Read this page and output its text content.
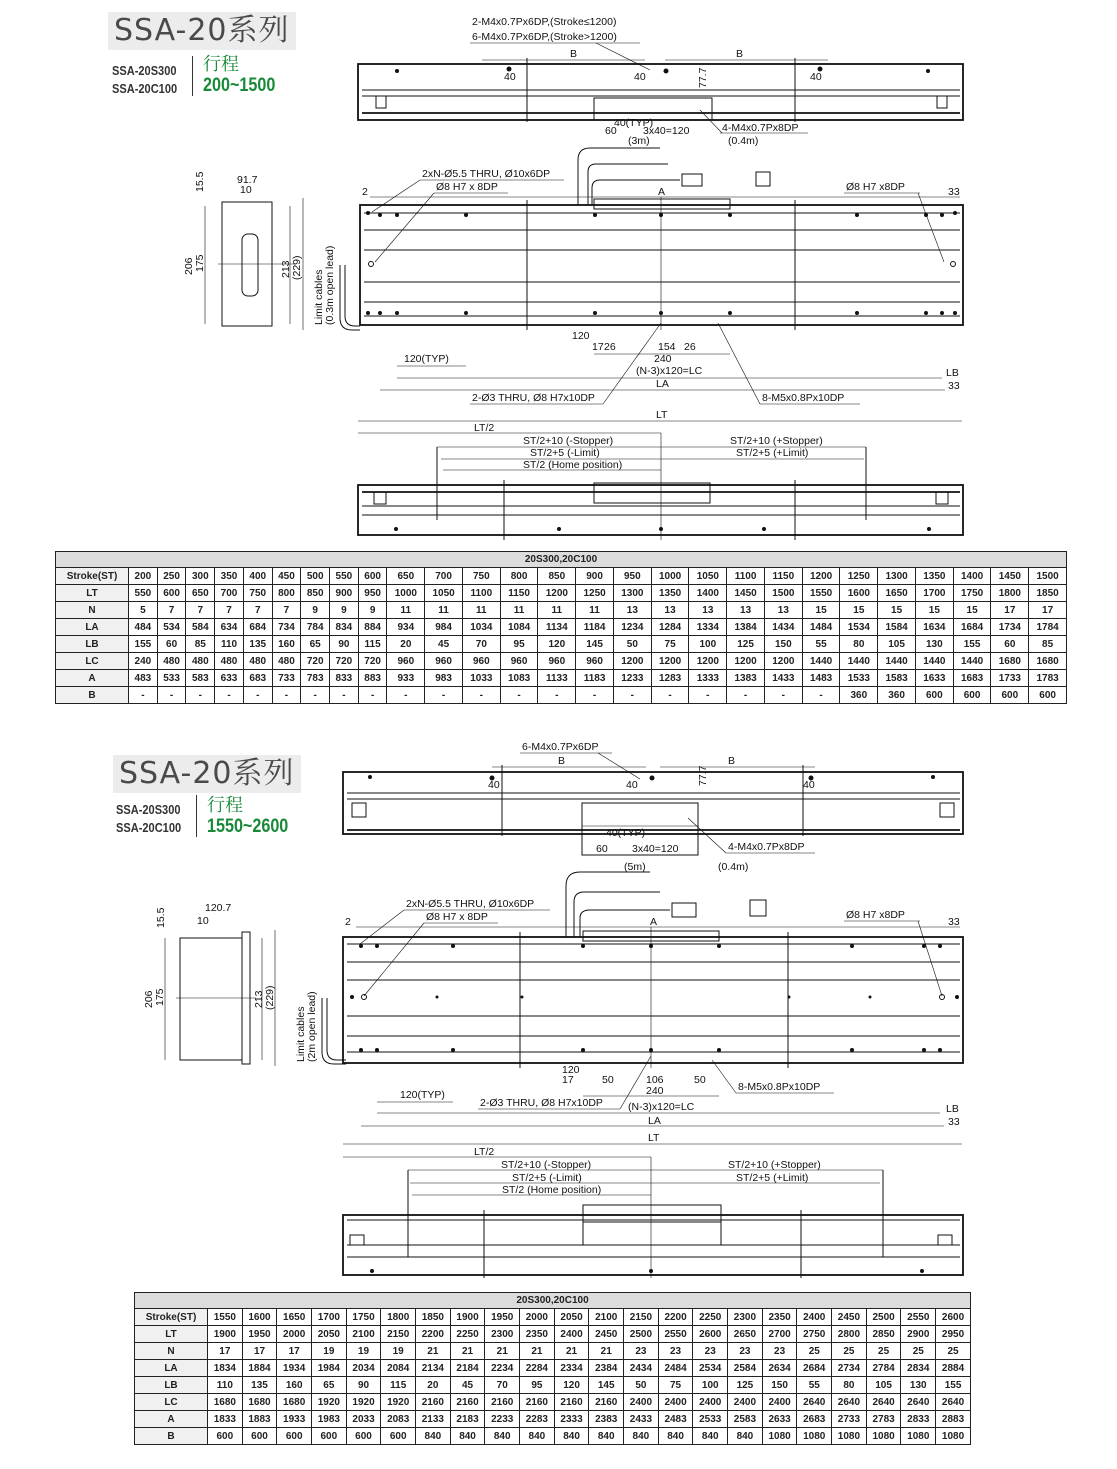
SSA-20系列
SSA-20S300
SSA-20C100
行程
200~1500
2-M4x0.7Px6DP,(Stroke≤1200)
6-M4x0.7Px6DP,(Stroke>1200)
B	B
40	40	40
77.7
40(TYP)
60	3x40=120
(3m)	(0.4m)
4-M4x0.7Px8DP
15.5	91.7
10
206 175	213 (229)
Limit cables (0.3m open lead)
2xN-Ø5.5 THRU, Ø10x6DP
Ø8 H7 x 8DP	Ø8 H7 x8DP
2	A	33
120
17 26	154 26
240
120(TYP)
(N-3)x120=LC
LA
LB
33
2-Ø3 THRU, Ø8 H7x10DP	8-M5x0.8Px10DP
LT
LT/2
ST/2+10 (-Stopper)
ST/2+5 (-Limit)
ST/2 (Home position)
ST/2+10 (+Stopper)
ST/2+5 (+Limit)
20S300,20C100																											
Stroke(ST)	200	250	300	350	400	450	500	550	600	650	700	750	800	850	900	950	1000	1050	1100	1150	1200	1250	1300	1350	1400	1450	1500
LT	550	600	650	700	750	800	850	900	950	1000	1050	1100	1150	1200	1250	1300	1350	1400	1450	1500	1550	1600	1650	1700	1750	1800	1850
N	5	7	7	7	7	7	9	9	9	11	11	11	11	11	11	13	13	13	13	13	15	15	15	15	15	17	17
LA	484	534	584	634	684	734	784	834	884	934	984	1034	1084	1134	1184	1234	1284	1334	1384	1434	1484	1534	1584	1634	1684	1734	1784
LB	155	60	85	110	135	160	65	90	115	20	45	70	95	120	145	50	75	100	125	150	55	80	105	130	155	60	85
LC	240	480	480	480	480	480	720	720	720	960	960	960	960	960	960	1200	1200	1200	1200	1200	1440	1440	1440	1440	1440	1680	1680
A	483	533	583	633	683	733	783	833	883	933	983	1033	1083	1133	1183	1233	1283	1333	1383	1433	1483	1533	1583	1633	1683	1733	1783
B	-	-	-	-	-	-	-	-	-	-	-	-	-	-	-	-	-	-	-	-	-	360	360	600	600	600	600
SSA-20系列
SSA-20S300
SSA-20C100
行程
1550~2600
6-M4x0.7Px6DP
B	B
40	40	40
77.7
40(TYP)
60 3x40=120
(5m)	(0.4m)
4-M4x0.7Px8DP
15.5	120.7
10
206 175	213 (229)
Limit cables (2m open lead)
2xN-Ø5.5 THRU, Ø10x6DP
Ø8 H7 x 8DP	Ø8 H7 x8DP
2	A	33
120
17	50	106	50
240
120(TYP)
(N-3)x120=LC
LA
LB
33
2-Ø3 THRU, Ø8 H7x10DP
8-M5x0.8Px10DP
LT
LT/2
ST/2+10 (-Stopper)
ST/2+5 (-Limit)
ST/2 (Home position)
ST/2+10 (+Stopper)
ST/2+5 (+Limit)
20S300,20C100																						
Stroke(ST)	1550	1600	1650	1700	1750	1800	1850	1900	1950	2000	2050	2100	2150	2200	2250	2300	2350	2400	2450	2500	2550	2600
LT	1900	1950	2000	2050	2100	2150	2200	2250	2300	2350	2400	2450	2500	2550	2600	2650	2700	2750	2800	2850	2900	2950
N	17	17	17	19	19	19	21	21	21	21	21	21	23	23	23	23	23	25	25	25	25	25
LA	1834	1884	1934	1984	2034	2084	2134	2184	2234	2284	2334	2384	2434	2484	2534	2584	2634	2684	2734	2784	2834	2884
LB	110	135	160	65	90	115	20	45	70	95	120	145	50	75	100	125	150	55	80	105	130	155
LC	1680	1680	1680	1920	1920	1920	2160	2160	2160	2160	2160	2160	2400	2400	2400	2400	2400	2640	2640	2640	2640	2640
A	1833	1883	1933	1983	2033	2083	2133	2183	2233	2283	2333	2383	2433	2483	2533	2583	2633	2683	2733	2783	2833	2883
B	600	600	600	600	600	600	840	840	840	840	840	840	840	840	840	840	1080	1080	1080	1080	1080	1080
